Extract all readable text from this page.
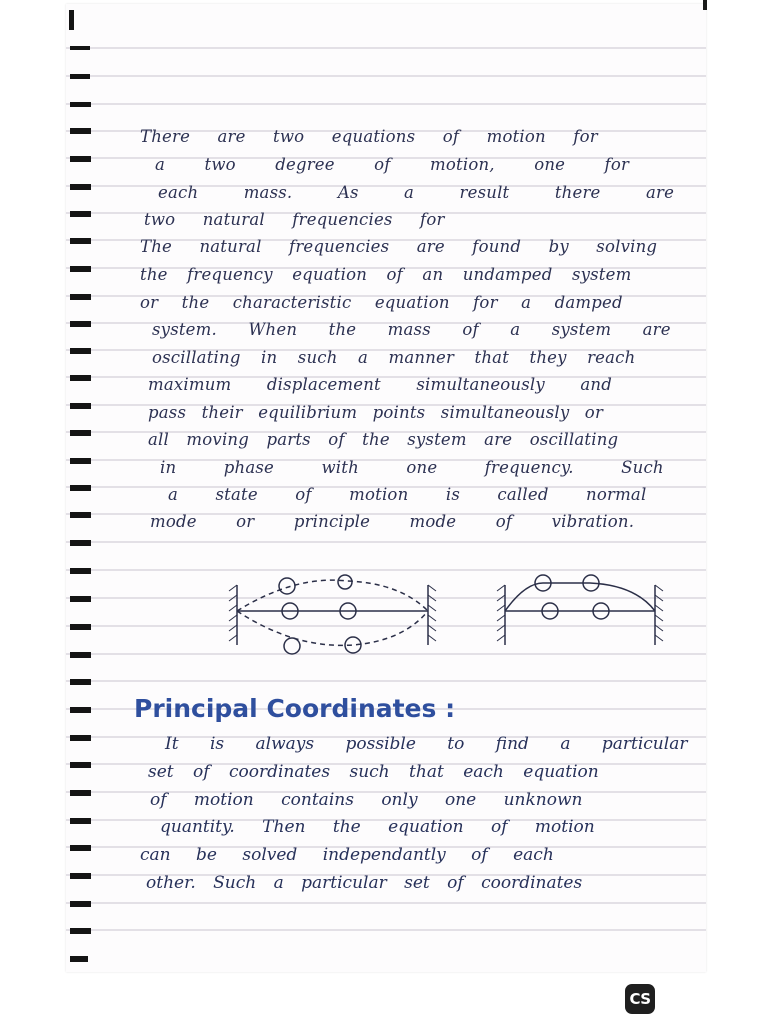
There are two equations of motion for
a two degree of motion, one for
each mass. As a result there are
two natural frequencies for
The natural frequencies are found by solving
the frequency equation of an undamped system
or the characteristic equation for a damped
system. When the mass of a system are
oscillating in such a manner that they reach
maximum displacement simultaneously and
pass their equilibrium points simultaneously or
all moving parts of the system are oscillating
in phase with one frequency. Such
a state of motion is called normal
mode or principle mode of vibration.
Principal Coordinates :
It is always possible to find a particular
set of coordinates such that each equation
of motion contains only one unknown
quantity. Then the equation of motion
can be solved independantly of each
other. Such a particular set of coordinates
CS
